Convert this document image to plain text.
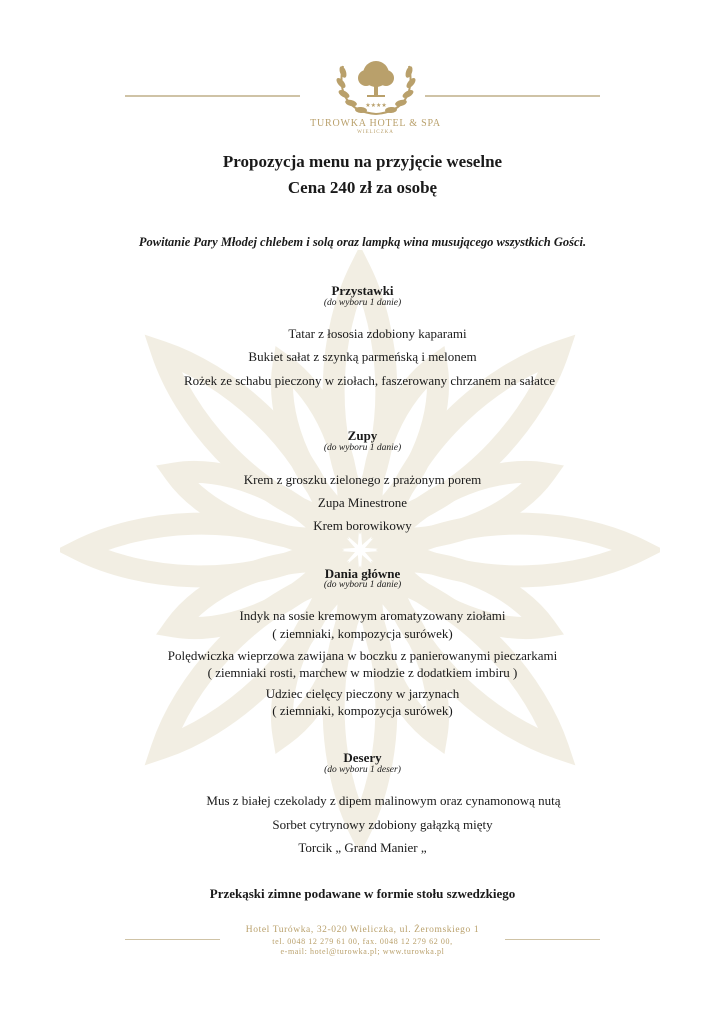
★★★★
TUROWKA HOTEL & SPA
WIELICZKA
Propozycja menu na przyjęcie weselne
Cena 240 zł za osobę
Powitanie Pary Młodej chlebem i solą oraz lampką wina musującego wszystkich Gości.
Przystawki
(do wyboru 1 danie)
Tatar z łososia zdobiony kaparami
Bukiet sałat z szynką parmeńską i melonem
Rożek ze schabu pieczony w ziołach, faszerowany chrzanem na sałatce
Zupy
(do wyboru 1 danie)
Krem z groszku zielonego z prażonym porem
Zupa Minestrone
Krem borowikowy
Dania główne
(do wyboru 1 danie)
Indyk na sosie kremowym aromatyzowany ziołami
( ziemniaki, kompozycja surówek)
Polędwiczka wieprzowa zawijana w boczku z panierowanymi pieczarkami
( ziemniaki rosti, marchew w miodzie z dodatkiem imbiru )
Udziec cielęcy pieczony w jarzynach
( ziemniaki, kompozycja surówek)
Desery
(do wyboru 1 deser)
Mus z białej czekolady z dipem malinowym oraz cynamonową nutą
Sorbet cytrynowy zdobiony gałązką mięty
Torcik „ Grand Manier „
Przekąski zimne podawane w formie stołu szwedzkiego
Hotel Turówka, 32-020 Wieliczka, ul. Żeromskiego 1
tel. 0048 12 279 61 00, fax. 0048 12 279 62 00,
e-mail: hotel@turowka.pl; www.turowka.pl
